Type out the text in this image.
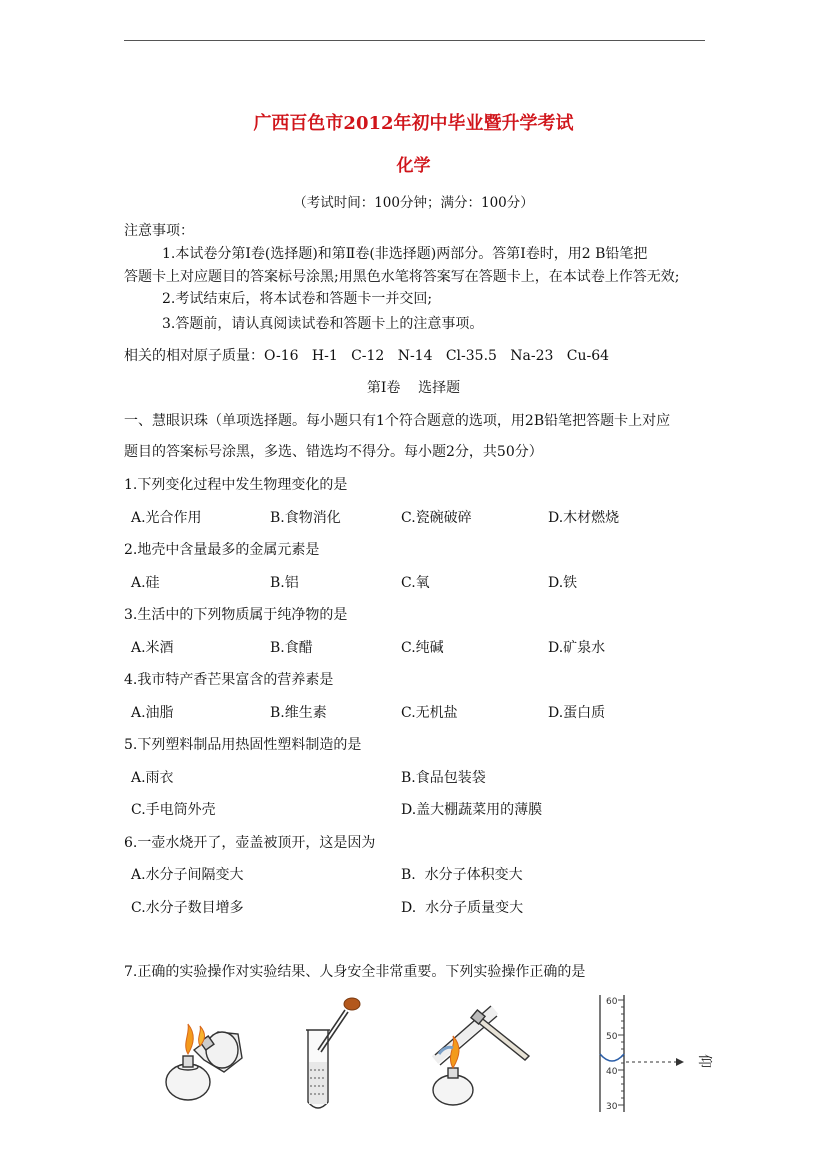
广西百色市2012年初中毕业暨升学考试
化学
（考试时间：100分钟；满分：100分）
注意事项：
1.本试卷分第Ⅰ卷(选择题)和第Ⅱ卷(非选择题)两部分。答第Ⅰ卷时，用2 B铅笔把
答题卡上对应题目的答案标号涂黑;用黑色水笔将答案写在答题卡上，在本试卷上作答无效;
2.考试结束后，将本试卷和答题卡一并交回;
3.答题前，请认真阅读试卷和答题卡上的注意事项。
相关的相对原子质量：O-16   H-1   C-12   N-14   Cl-35.5   Na-23   Cu-64
第Ⅰ卷    选择题
一、慧眼识珠（单项选择题。每小题只有1个符合题意的选项，用2B铅笔把答题卡上对应
题目的答案标号涂黑，多选、错选均不得分。每小题2分，共50分）
1.下列变化过程中发生物理变化的是
A.光合作用	B.食物消化	C.瓷碗破碎	D.木材燃烧
2.地壳中含量最多的金属元素是
A.硅	B.铝	C.氧	D.铁
3.生活中的下列物质属于纯净物的是
A.米酒	B.食醋	C.纯碱	D.矿泉水
4.我市特产香芒果富含的营养素是
A.油脂	B.维生素	C.无机盐	D.蛋白质
5.下列塑料制品用热固性塑料制造的是
A.雨衣	B.食品包装袋
C.手电筒外壳	D.盖大棚蔬菜用的薄膜
6.一壶水烧开了，壶盖被顶开，这是因为
A.水分子间隔变大	B.  水分子体积变大
C.水分子数目增多	D.  水分子质量变大
7.正确的实验操作对实验结果、人身安全非常重要。下列实验操作正确的是
60
50
40
30
仰
